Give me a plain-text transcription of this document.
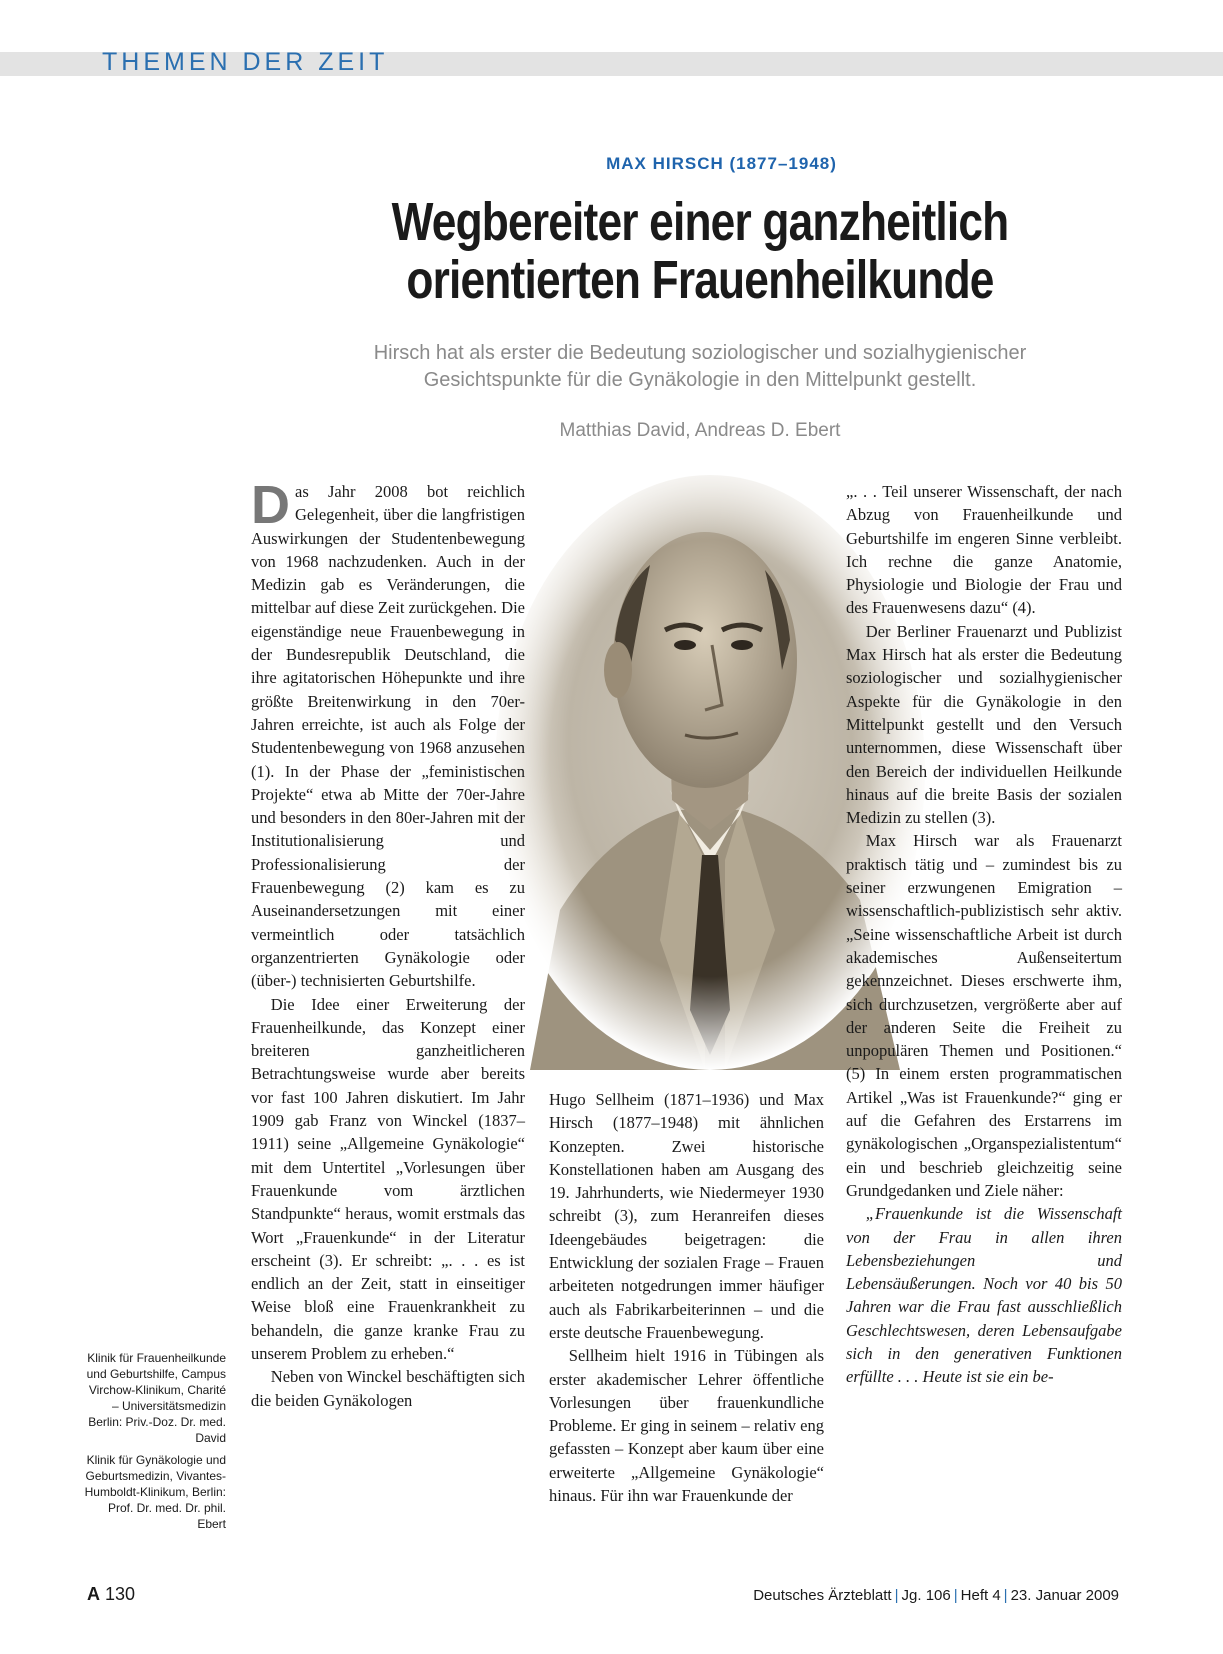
THEMEN DER ZEIT
MAX HIRSCH (1877–1948)
Wegbereiter einer ganzheitlich
orientierten Frauenheilkunde
Hirsch hat als erster die Bedeutung soziologischer und sozialhygienischer
Gesichtspunkte für die Gynäkologie in den Mittelpunkt gestellt.
Matthias David, Andreas D. Ebert

Das Jahr 2008 bot reichlich Gelegenheit, über die langfristigen Auswirkungen der Studentenbewegung von 1968 nachzudenken. Auch in der Medizin gab es Veränderungen, die mittelbar auf diese Zeit zurückgehen. Die eigenständige neue Frauenbewegung in der Bundesrepublik Deutschland, die ihre agitatorischen Höhepunkte und ihre größte Breitenwirkung in den 70er-Jahren erreichte, ist auch als Folge der Studentenbewegung von 1968 anzusehen (1). In der Phase der „feministischen Projekte“ etwa ab Mitte der 70er-Jahre und besonders in den 80er-Jahren mit der Institutionalisierung und Professionalisierung der Frauenbewegung (2) kam es zu Auseinandersetzungen mit einer vermeintlich oder tatsächlich organzentrierten Gynäkologie oder (über-) technisierten Geburtshilfe.

Die Idee einer Erweiterung der Frauenheilkunde, das Konzept einer breiteren ganzheitlicheren Betrachtungsweise wurde aber bereits vor fast 100 Jahren diskutiert. Im Jahr 1909 gab Franz von Winckel (1837–1911) seine „Allgemeine Gynäkologie“ mit dem Untertitel „Vorlesungen über Frauenkunde vom ärztlichen Standpunkte“ heraus, womit erstmals das Wort „Frauenkunde“ in der Literatur erscheint (3). Er schreibt: „. . . es ist endlich an der Zeit, statt in einseitiger Weise bloß eine Frauenkrankheit zu behandeln, die ganze kranke Frau zu unserem Problem zu erheben.“

Neben von Winckel beschäftigten sich die beiden Gynäkologen

Hugo Sellheim (1871–1936) und Max Hirsch (1877–1948) mit ähnlichen Konzepten. Zwei historische Konstellationen haben am Ausgang des 19. Jahrhunderts, wie Niedermeyer 1930 schreibt (3), zum Heranreifen dieses Ideengebäudes beigetragen: die Entwicklung der sozialen Frage – Frauen arbeiteten notgedrungen immer häufiger auch als Fabrikarbeiterinnen – und die erste deutsche Frauenbewegung.

Sellheim hielt 1916 in Tübingen als erster akademischer Lehrer öffentliche Vorlesungen über frauenkundliche Probleme. Er ging in seinem – relativ eng gefassten – Konzept aber kaum über eine erweiterte „Allgemeine Gynäkologie“ hinaus. Für ihn war Frauenkunde der

„. . . Teil unserer Wissenschaft, der nach Abzug von Frauenheilkunde und Geburtshilfe im engeren Sinne verbleibt. Ich rechne die ganze Anatomie, Physiologie und Biologie der Frau und des Frauenwesens dazu“ (4).

Der Berliner Frauenarzt und Publizist Max Hirsch hat als erster die Bedeutung soziologischer und sozialhygienischer Aspekte für die Gynäkologie in den Mittelpunkt gestellt und den Versuch unternommen, diese Wissenschaft über den Bereich der individuellen Heilkunde hinaus auf die breite Basis der sozialen Medizin zu stellen (3).

Max Hirsch war als Frauenarzt praktisch tätig und – zumindest bis zu seiner erzwungenen Emigration – wissenschaftlich-publizistisch sehr aktiv. „Seine wissenschaftliche Arbeit ist durch akademisches Außenseitertum gekennzeichnet. Dieses erschwerte ihm, sich durchzusetzen, vergrößerte aber auf der anderen Seite die Freiheit zu unpopulären Themen und Positionen.“ (5) In einem ersten programmatischen Artikel „Was ist Frauenkunde?“ ging er auf die Gefahren des Erstarrens im gynäkologischen „Organspezialistentum“ ein und beschrieb gleichzeitig seine Grundgedanken und Ziele näher:

„Frauenkunde ist die Wissenschaft von der Frau in allen ihren Lebensbeziehungen und Lebensäußerungen. Noch vor 40 bis 50 Jahren war die Frau fast ausschließlich Geschlechtswesen, deren Lebensaufgabe sich in den generativen Funktionen erfüllte . . . Heute ist sie ein be-

Klinik für Frauenheilkunde und Geburtshilfe, Campus Virchow-Klinikum, Charité – Universitätsmedizin Berlin: Priv.-Doz. Dr. med. David

Klinik für Gynäkologie und Geburtsmedizin, Vivantes-Humboldt-Klinikum, Berlin: Prof. Dr. med. Dr. phil. Ebert

A 130	Deutsches Ärzteblatt | Jg. 106 | Heft 4 | 23. Januar 2009
